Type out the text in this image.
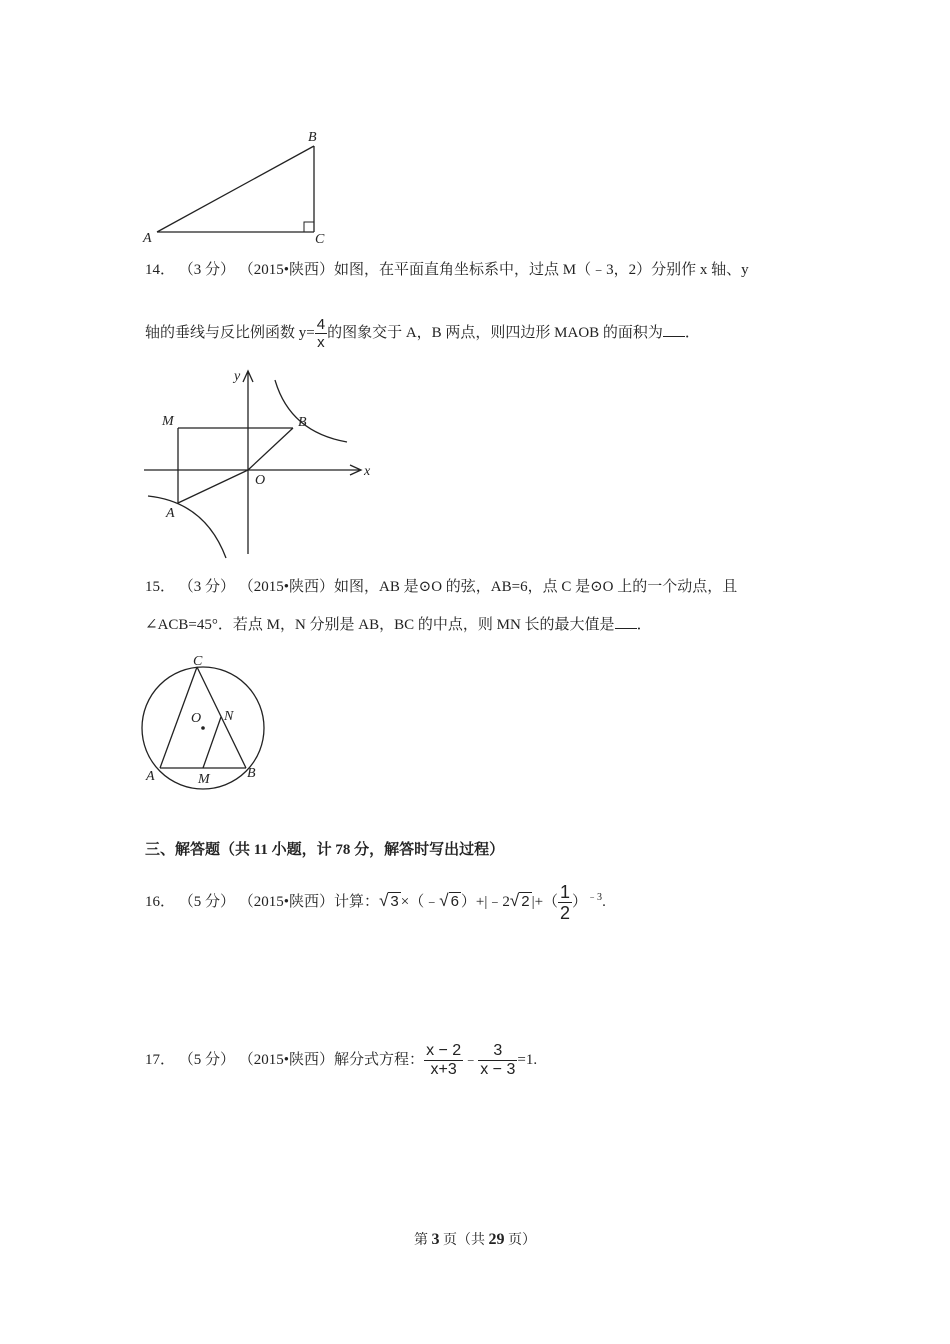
A
B
C
14． （3 分） （2015•陕西）如图，在平面直角坐标系中，过点 M（﹣3，2）分别作 x 轴、y
轴的垂线与反比例函数 $y= \frac{4}{x}$ 的图象交于 A，B 两点，则四边形 MAOB 的面积为 ．
y
x
M	B
O
A
15． （3 分） （2015•陕西）如图，AB 是⊙O 的弦，AB=6，点 C 是⊙O 上的一个动点，且
∠ACB=45°．若点 M，N 分别是 AB，BC 的中点，则 MN 长的最大值是 ．
C
O N
A	M	B
三、解答题（共 11 小题，计 78 分，解答时写出过程）
16． （5 分） （2015•陕西）计算：√ 3 ×（﹣√ 6 ）+|﹣2√ 2 |+（ $\frac{1}{2} )^{﹣3}$.
17． （5 分） （2015•陕西）解分式方程： $\frac{x - 2}{x+3}$ ﹣ $\frac{3}{x - 3} =1$.
第 3 页（共 29 页）
